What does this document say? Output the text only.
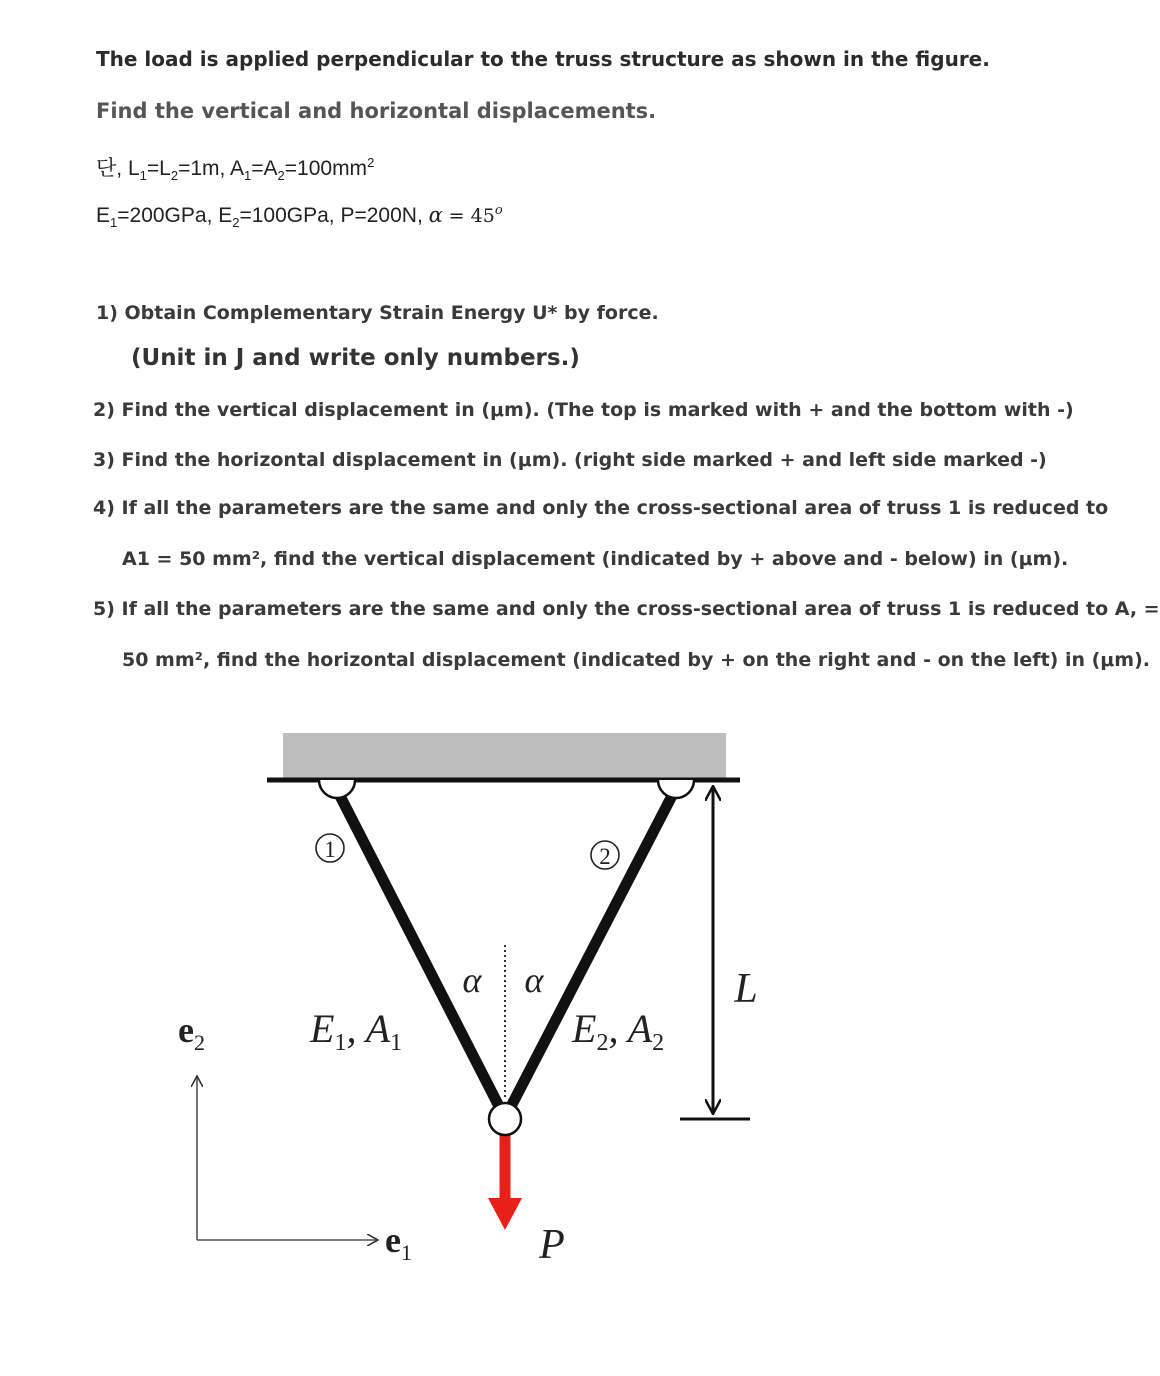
The load is applied perpendicular to the truss structure as shown in the figure.
Find the vertical and horizontal displacements.
단, $L_1=L_2=1m$, $A_1=A_2=100mm^2$
$E_1=200GPa$, $E_2=100GPa$, P=200N, $\alpha = 45^o$
1) Obtain Complementary Strain Energy U* by force.
(Unit in J and write only numbers.)
2) Find the vertical displacement in (μm). (The top is marked with + and the bottom with -)
3) Find the horizontal displacement in (μm). (right side marked + and left side marked -)
4) If all the parameters are the same and only the cross-sectional area of truss 1 is reduced to
A1 = 50 mm², find the vertical displacement (indicated by + above and - below) in (μm).
5) If all the parameters are the same and only the cross-sectional area of truss 1 is reduced to A, =
50 mm², find the horizontal displacement (indicated by + on the right and - on the left) in (μm).
1	2
α α
$E_1$, $A_1$	$E_2$, $A_2$
L
P
$e_2$
$e_1$
